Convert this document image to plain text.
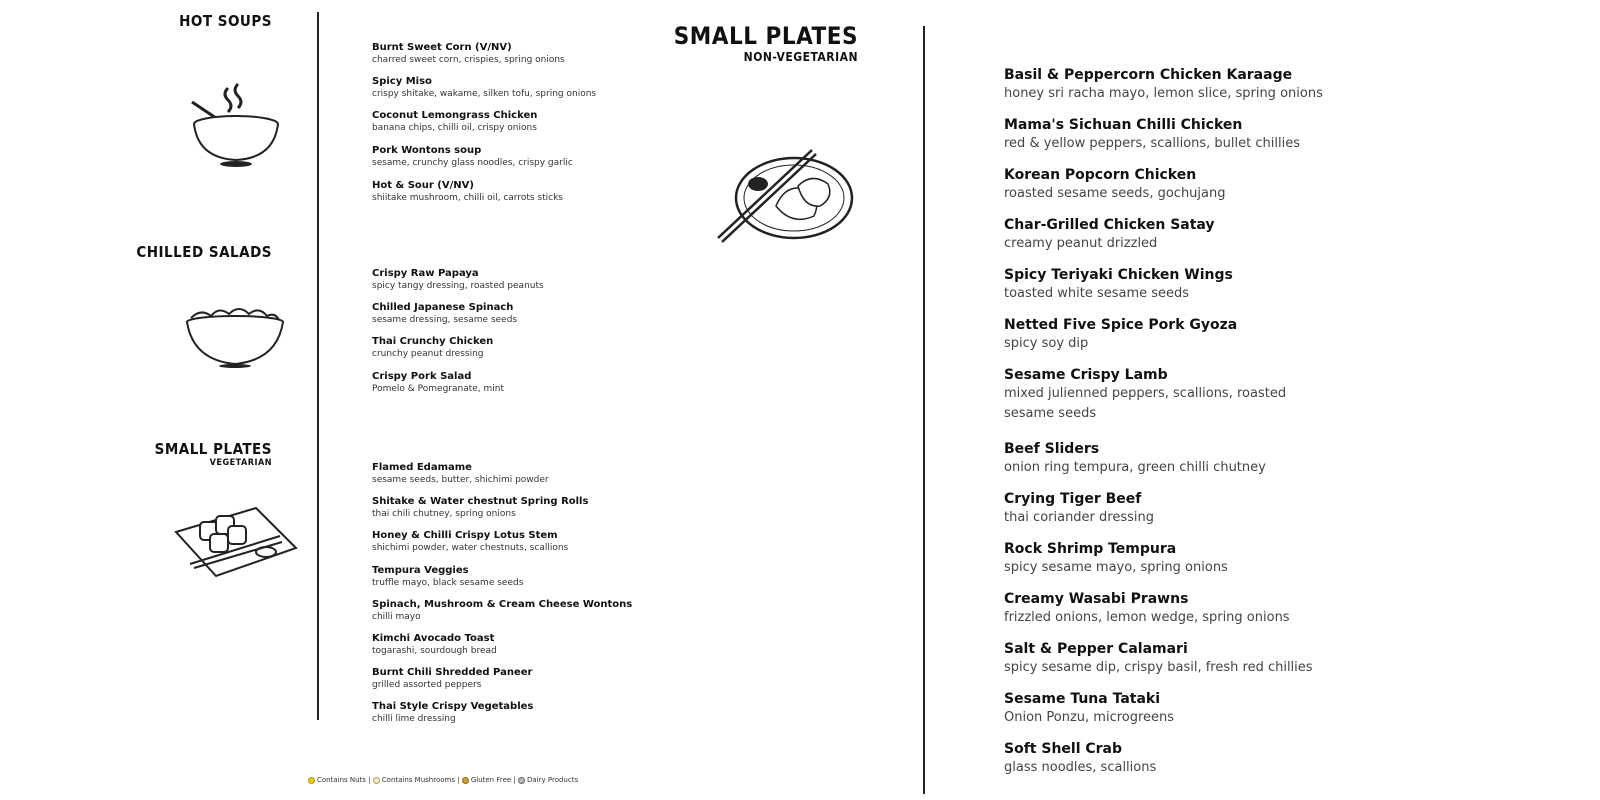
HOT SOUPS
CHILLED SALADS
SMALL PLATES
VEGETARIAN
Burnt Sweet Corn (V/NV)
charred sweet corn, crispies, spring onions
Spicy Miso
crispy shitake, wakame, silken tofu, spring onions
Coconut Lemongrass Chicken
banana chips, chilli oil, crispy onions
Pork Wontons soup
sesame, crunchy glass noodles, crispy garlic
Hot & Sour (V/NV)
shiitake mushroom, chilli oil, carrots sticks
Crispy Raw Papaya
spicy tangy dressing, roasted peanuts
Chilled Japanese Spinach
sesame dressing, sesame seeds
Thai Crunchy Chicken
crunchy peanut dressing
Crispy Pork Salad
Pomelo & Pomegranate, mint
Flamed Edamame
sesame seeds, butter, shichimi powder
Shitake & Water chestnut Spring Rolls
thai chili chutney, spring onions
Honey & Chilli Crispy Lotus Stem
shichimi powder, water chestnuts, scallions
Tempura Veggies
truffle mayo, black sesame seeds
Spinach, Mushroom & Cream Cheese Wontons
chilli mayo
Kimchi Avocado Toast
togarashi, sourdough bread
Burnt Chili Shredded Paneer
grilled assorted peppers
Thai Style Crispy Vegetables
chilli lime dressing
Contains Nuts | Contains Mushrooms | Gluten Free | Dairy Products
SMALL PLATES
NON-VEGETARIAN
Basil & Peppercorn Chicken Karaage
honey sri racha mayo, lemon slice, spring onions
Mama's Sichuan Chilli Chicken
red & yellow peppers, scallions, bullet chillies
Korean Popcorn Chicken
roasted sesame seeds, gochujang
Char-Grilled Chicken Satay
creamy peanut drizzled
Spicy Teriyaki Chicken Wings
toasted white sesame seeds
Netted Five Spice Pork Gyoza
spicy soy dip
Sesame Crispy Lamb
mixed julienned peppers, scallions, roasted
sesame seeds
Beef Sliders
onion ring tempura, green chilli chutney
Crying Tiger Beef
thai coriander dressing
Rock Shrimp Tempura
spicy sesame mayo, spring onions
Creamy Wasabi Prawns
frizzled onions, lemon wedge, spring onions
Salt & Pepper Calamari
spicy sesame dip, crispy basil, fresh red chillies
Sesame Tuna Tataki
Onion Ponzu, microgreens
Soft Shell Crab
glass noodles, scallions
